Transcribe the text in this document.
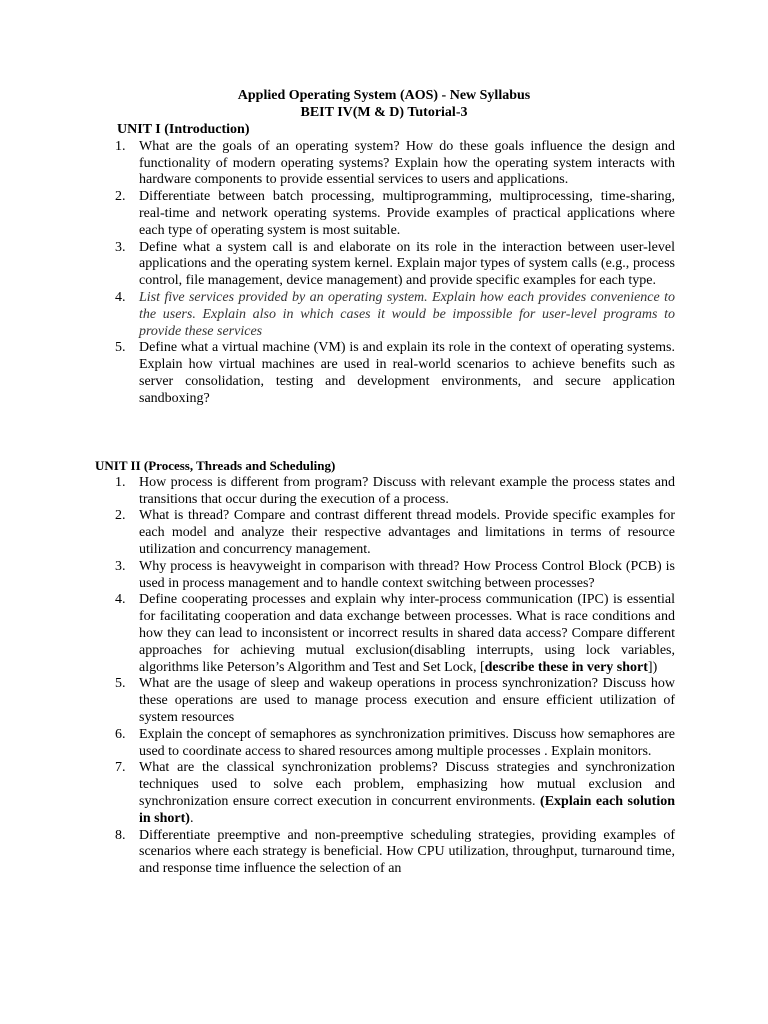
Applied Operating System (AOS) - New Syllabus
BEIT IV(M & D) Tutorial-3
UNIT I (Introduction)
1. What are the goals of an operating system? How do these goals influence the design and functionality of modern operating systems? Explain how the operating system interacts with hardware components to provide essential services to users and applications.
2. Differentiate between batch processing, multiprogramming, multiprocessing, time-sharing, real-time and network operating systems. Provide examples of practical applications where each type of operating system is most suitable.
3. Define what a system call is and elaborate on its role in the interaction between user-level applications and the operating system kernel. Explain major types of system calls (e.g., process control, file management, device management) and provide specific examples for each type.
4. List five services provided by an operating system. Explain how each provides convenience to the users. Explain also in which cases it would be impossible for user-level programs to provide these services
5. Define what a virtual machine (VM) is and explain its role in the context of operating systems. Explain how virtual machines are used in real-world scenarios to achieve benefits such as server consolidation, testing and development environments, and secure application sandboxing?
UNIT II (Process, Threads and Scheduling)
1. How process is different from program? Discuss with relevant example the process states and transitions that occur during the execution of a process.
2. What is thread? Compare and contrast different thread models. Provide specific examples for each model and analyze their respective advantages and limitations in terms of resource utilization and concurrency management.
3. Why process is heavyweight in comparison with thread? How Process Control Block (PCB) is used in process management and to handle context switching between processes?
4. Define cooperating processes and explain why inter-process communication (IPC) is essential for facilitating cooperation and data exchange between processes. What is race conditions and how they can lead to inconsistent or incorrect results in shared data access? Compare different approaches for achieving mutual exclusion(disabling interrupts, using lock variables, algorithms like Peterson’s Algorithm and Test and Set Lock, [describe these in very short])
5. What are the usage of sleep and wakeup operations in process synchronization? Discuss how these operations are used to manage process execution and ensure efficient utilization of system resources
6. Explain the concept of semaphores as synchronization primitives. Discuss how semaphores are used to coordinate access to shared resources among multiple processes . Explain monitors.
7. What are the classical synchronization problems? Discuss strategies and synchronization techniques used to solve each problem, emphasizing how mutual exclusion and synchronization ensure correct execution in concurrent environments. (Explain each solution in short).
8. Differentiate preemptive and non-preemptive scheduling strategies, providing examples of scenarios where each strategy is beneficial. How CPU utilization, throughput, turnaround time, and response time influence the selection of an
